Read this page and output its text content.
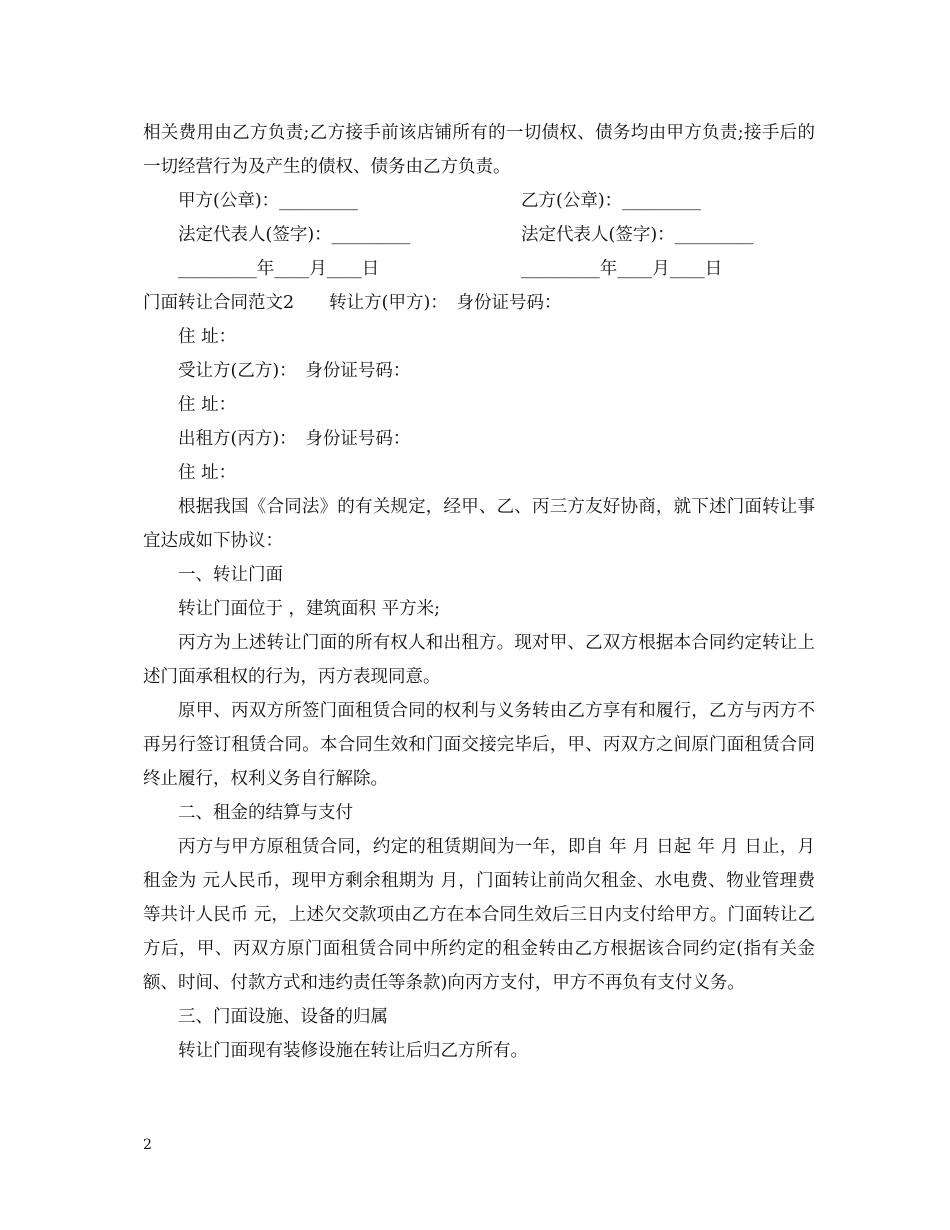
相关费用由乙方负责;乙方接手前该店铺所有的一切债权、债务均由甲方负责;接手后的一切经营行为及产生的债权、债务由乙方负责。
甲方(公章)：_________	乙方(公章)：_________
法定代表人(签字)：_________	法定代表人(签字)：_________
_________年____月____日	_________年____月____日
门面转让合同范文2　　转让方(甲方)：　身份证号码：
住 址：
受让方(乙方)：　身份证号码：
住 址：
出租方(丙方)：　身份证号码：
住 址：
根据我国《合同法》的有关规定，经甲、乙、丙三方友好协商，就下述门面转让事宜达成如下协议：
一、转让门面
转让门面位于 ，建筑面积 平方米;
丙方为上述转让门面的所有权人和出租方。现对甲、乙双方根据本合同约定转让上述门面承租权的行为，丙方表现同意。
原甲、丙双方所签门面租赁合同的权利与义务转由乙方享有和履行，乙方与丙方不再另行签订租赁合同。本合同生效和门面交接完毕后，甲、丙双方之间原门面租赁合同终止履行，权利义务自行解除。
二、租金的结算与支付
丙方与甲方原租赁合同，约定的租赁期间为一年，即自 年 月 日起 年 月 日止，月租金为 元人民币，现甲方剩余租期为 月，门面转让前尚欠租金、水电费、物业管理费等共计人民币 元，上述欠交款项由乙方在本合同生效后三日内支付给甲方。门面转让乙方后，甲、丙双方原门面租赁合同中所约定的租金转由乙方根据该合同约定(指有关金额、时间、付款方式和违约责任等条款)向丙方支付，甲方不再负有支付义务。
三、门面设施、设备的归属
转让门面现有装修设施在转让后归乙方所有。
2
